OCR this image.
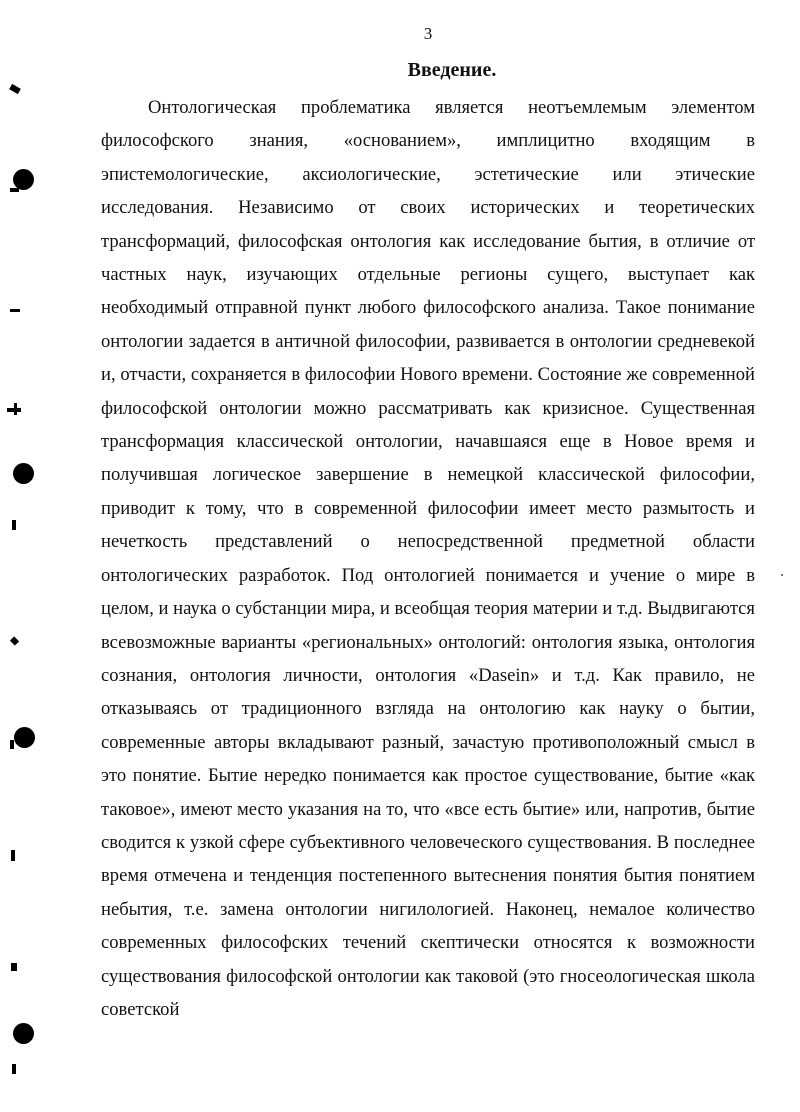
3
Введение.

Онтологическая проблематика является неотъемлемым элементом философского знания, «основанием», имплицитно входящим в эпистемологические, аксиологические, эстетические или этические исследования. Независимо от своих исторических и теоретических трансформаций, философская онтология как исследование бытия, в отличие от частных наук, изучающих отдельные регионы сущего, выступает как необходимый отправной пункт любого философского анализа. Такое понимание онтологии задается в античной философии, развивается в онтологии средневекой и, отчасти, сохраняется в философии Нового времени. Состояние же современной философской онтологии можно рассматривать как кризисное. Существенная трансформация классической онтологии, начавшаяся еще в Новое время и получившая логическое завершение в немецкой классической философии, приводит к тому, что в современной философии имеет место размытость и нечеткость представлений о непосредственной предметной области онтологических разработок. Под онтологией понимается и учение о мире в целом, и наука о субстанции мира, и всеобщая теория материи и т.д. Выдвигаются всевозможные варианты «региональных» онтологий: онтология языка, онтология сознания, онтология личности, онтология «Dasein» и т.д. Как правило, не отказываясь от традиционного взгляда на онтологию как науку о бытии, современные авторы вкладывают разный, зачастую противоположный смысл в это понятие. Бытие нередко понимается как простое существование, бытие «как таковое», имеют место указания на то, что «все есть бытие» или, напротив, бытие сводится к узкой сфере субъективного человеческого существования. В последнее время отмечена и тенденция постепенного вытеснения понятия бытия понятием небытия, т.е. замена онтологии нигилологией. Наконец, немалое количество современных философских течений скептически относятся к возможности существования философской онтологии как таковой (это гносеологическая школа советской
